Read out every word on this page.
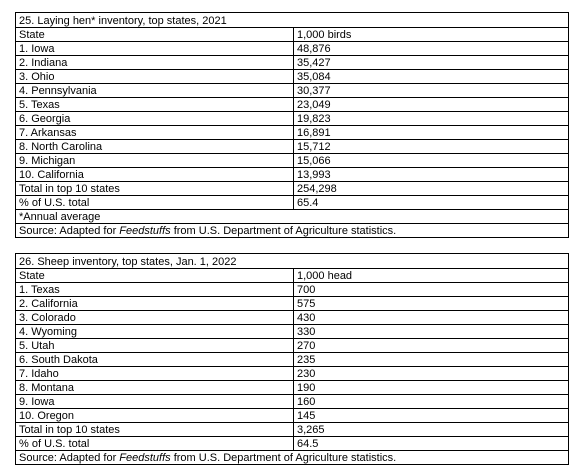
25. Laying hen* inventory, top states, 2021	
State	1,000 birds
1. Iowa	48,876
2. Indiana	35,427
3. Ohio	35,084
4. Pennsylvania	30,377
5. Texas	23,049
6. Georgia	19,823
7. Arkansas	16,891
8. North Carolina	15,712
9. Michigan	15,066
10. California	13,993
Total in top 10 states	254,298
% of U.S. total	65.4
*Annual average	
Source: Adapted for Feedstuffs from U.S. Department of Agriculture statistics.	
26. Sheep inventory, top states, Jan. 1, 2022	
State	1,000 head
1. Texas	700
2. California	575
3. Colorado	430
4. Wyoming	330
5. Utah	270
6. South Dakota	235
7. Idaho	230
8. Montana	190
9. Iowa	160
10. Oregon	145
Total in top 10 states	3,265
% of U.S. total	64.5
Source: Adapted for Feedstuffs from U.S. Department of Agriculture statistics.	
